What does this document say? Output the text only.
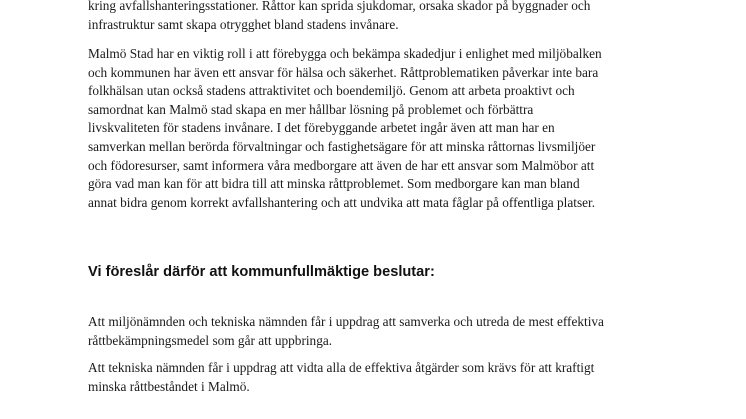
kring avfallshanteringsstationer. Råttor kan sprida sjukdomar, orsaka skador på byggnader och
infrastruktur samt skapa otrygghet bland stadens invånare.

Malmö Stad har en viktig roll i att förebygga och bekämpa skadedjur i enlighet med miljöbalken
och kommunen har även ett ansvar för hälsa och säkerhet. Råttproblematiken påverkar inte bara
folkhälsan utan också stadens attraktivitet och boendemiljö. Genom att arbeta proaktivt och
samordnat kan Malmö stad skapa en mer hållbar lösning på problemet och förbättra
livskvaliteten för stadens invånare. I det förebyggande arbetet ingår även att man har en
samverkan mellan berörda förvaltningar och fastighetsägare för att minska råttornas livsmiljöer
och födoresurser, samt informera våra medborgare att även de har ett ansvar som Malmöbor att
göra vad man kan för att bidra till att minska råttproblemet. Som medborgare kan man bland
annat bidra genom korrekt avfallshantering och att undvika att mata fåglar på offentliga platser.

Vi föreslår därför att kommunfullmäktige beslutar:

Att miljönämnden och tekniska nämnden får i uppdrag att samverka och utreda de mest effektiva
råttbekämpningsmedel som går att uppbringa.

Att tekniska nämnden får i uppdrag att vidta alla de effektiva åtgärder som krävs för att kraftigt
minska råttbeståndet i Malmö.
